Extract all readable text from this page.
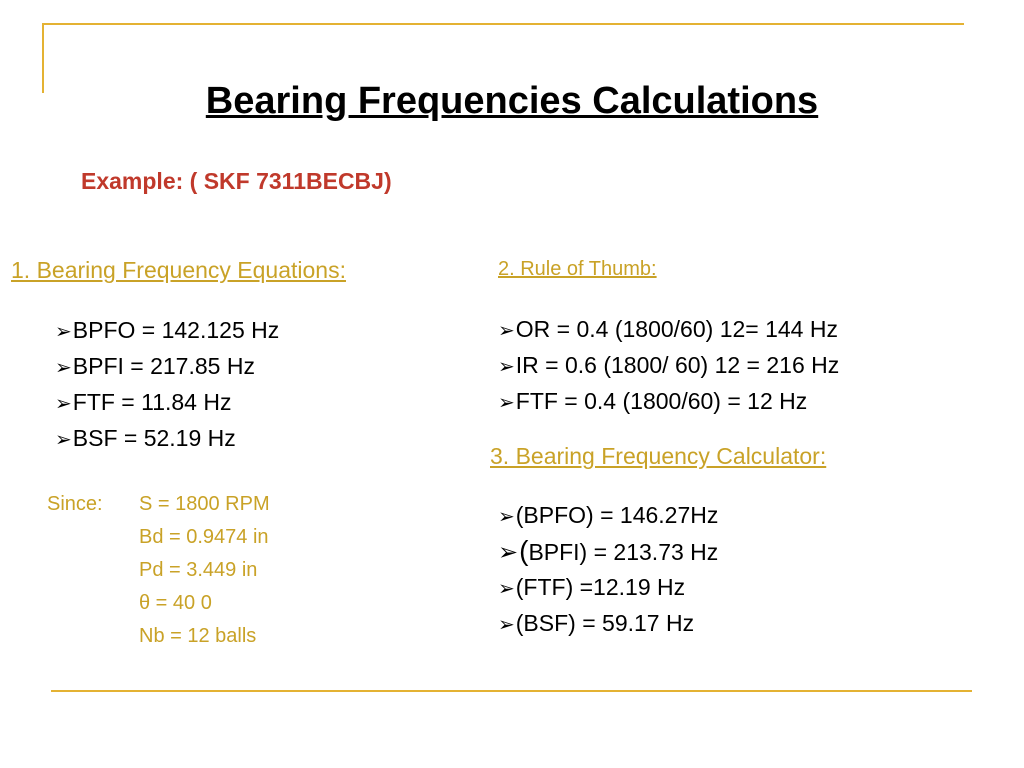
Bearing Frequencies Calculations
Example: ( SKF 7311BECBJ)
1. Bearing Frequency Equations:
➢BPFO = 142.125 Hz
➢BPFI = 217.85 Hz
➢FTF = 11.84 Hz
➢BSF = 52.19 Hz
Since: S = 1800 RPM
Bd = 0.9474 in
Pd = 3.449 in
θ = 40 0
Nb = 12 balls
2. Rule of Thumb:
➢OR = 0.4 (1800/60) 12= 144 Hz
➢IR = 0.6 (1800/ 60) 12 = 216 Hz
➢FTF = 0.4 (1800/60) = 12 Hz
3. Bearing Frequency Calculator:
➢(BPFO) = 146.27Hz
➢(BPFI) = 213.73 Hz
➢(FTF) =12.19 Hz
➢(BSF) = 59.17 Hz
